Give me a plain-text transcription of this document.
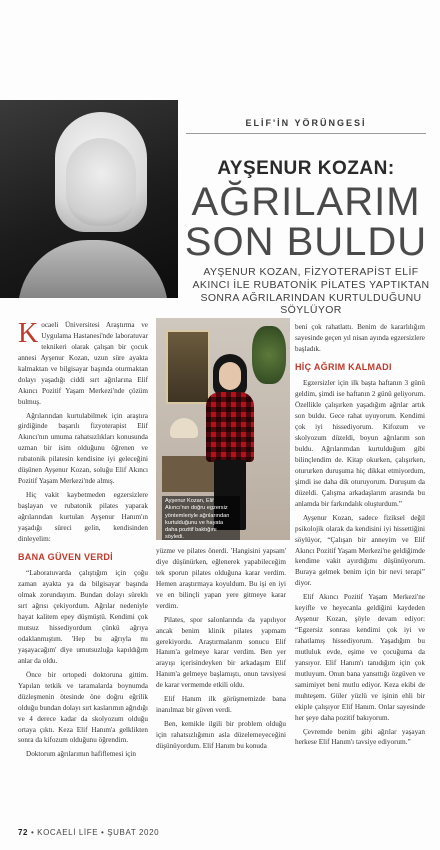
ELİF'İN YÖRÜNGESİ
AYŞENUR KOZAN:
AĞRILARIM
SON BULDU
AYŞENUR KOZAN, FİZYOTERAPİST ELİF AKINCI İLE RUBATONİK PİLATES YAPTIKTAN SONRA AĞRILARINDAN KURTULDUĞUNU SÖYLÜYOR

Kocaeli Üniversitesi Araştırma ve Uygulama Hastanesi'nde laboratuvar teknikeri olarak çalışan bir çocuk annesi Ayşenur Kozan, uzun süre ayakta kalmaktan ve bilgisayar başında oturmaktan dolayı yaşadığı ciddi sırt ağrılarına Elif Akıncı Pozitif Yaşam Merkezi'nde çözüm bulmuş.

Ağrılarından kurtulabilmek için araştıra girdiğinde başarılı fizyoterapist Elif Akıncı'nın umuma rahatsızlıkları konusunda uzman bir isim olduğunu öğrenen ve rubatonik pilatesin kendisine iyi geleceğini düşünen Ayşenur Kozan, soluğu Elif Akıncı Pozitif Yaşam Merkezi'nde almış.

Hiç vakit kaybetmeden egzersizlere başlayan ve rubatonik pilates yaparak ağrılarından kurtulan Ayşenur Hanım'ın yaşadığı süreci gelin, kendisinden dinleyelim:

BANA GÜVEN VERDİ

“Laboratuvarda çalıştığım için çoğu zaman ayakta ya da bilgisayar başında olmak zorundayım. Bundan dolayı süreklı sırt ağrısı çekiyordum. Ağrılar nedeniyle hayat kalitem epey düşmüştü. Kendimi çok mutsuz hissediyordum çünkü ağrıya odaklanmıştım. 'Hep bu ağrıyla mı yaşayacağım' diye umutsuzluğa kapıldığım anlar da oldu.

Önce bir ortopedi doktoruna gittim. Yapılan tetkik ve taramalarda boynumda düzleşmenin ötesinde öne doğru eğrilik olduğu bundan dolayı sırt kaslarımın ağrıdığı ve 4 derece kadar da skolyozum olduğu ortaya çıktı. Keza Elif Hanım'a gelklikten sonra da kifozum olduğunu öğrendim.

Doktorum ağrılarımın hafiflemesi için

Ayşenur Kozan, Elif Akıncı'nın doğru egzersiz yöntemleriyle ağrılarından kurtulduğunu ve hayata daha pozitif baktığını söyledi.

yüzme ve pilates önerdi. 'Hangisini yapsam' diye düşünürken, eğlenerek yapabileceğim tek sporun pilates olduğuna karar verdim. Hemen araştırmaya koyuldum. Bu işi en iyi ve en bilinçli yapan yere gitmeye karar verdim.

Pilates, spor salonlarında da yapılıyor ancak benim klinik pilates yapmam gerekiyordu. Araştırmalarım sonucu Elif Hanım'a gelmeye karar verdim. Ben yer arayışı içerisindeyken bir arkadaşım Elif Hanım'a gelmeye başlamıştı, onun tavsiyesi de karar vermemde etkili oldu.

Elif Hanım ilk görüşmemizde bana inanılmaz bir güven verdi.

Ben, kemikle ilgili bir problem olduğu için rahatsızlığımın asla düzelemeyeceğini düşünüyordum. Elif Hanım bu konuda

beni çok rahatlattı. Benim de kararlılığım sayesinde geçen yıl nisan ayında egzersizlere başladık.

HİÇ AĞRIM KALMADI

Egzersizler için ilk başta haftanın 3 günü geldim, şimdi ise haftanın 2 günü geliyorum. Özellikle çalışırken yaşadığım ağrılar artık son buldu. Gece rahat uyuyorum. Kendimi çok iyi hissediyorum. Kifozum ve skolyozum düzeldi, boyun ağrılarım son buldu. Ağrılarımdan kurtulduğum gibi bilinçlendim de. Kitap okurken, çalışırken, otururken duruşuma hiç dikkat etmiyordum, şimdi ise daha dik oturuyorum. Duruşum da düzeldi. Çalışma arkadaşlarım arasında bu anlamda bir farkındalık oluşturdum.”

Ayşenur Kozan, sadece fiziksel değil psikolojik olarak da kendisini iyi hissettiğini söylüyor, “Çalışan bir anneyim ve Elif Akıncı Pozitif Yaşam Merkezi'ne geldiğimde kendime vakit ayırdığımı düşünüyorum. Buraya gelmek benim için bir nevi terapi” diyor.

Elif Akıncı Pozitif Yaşam Merkezi'ne keyifle ve heyecanla geldiğini kaydeden Ayşenur Kozan, şöyle devam ediyor: “Egzersiz sonrası kendimi çok iyi ve rahatlamış hissediyorum. Yaşadığım bu mutluluk evde, eşime ve çocuğuma da yansıyor. Elif Hanım'ı tanıdığım için çok mutluyum. Onun bana yansıttığı özgüven ve samimiyet beni mutlu ediyor. Keza ekibi de muhteşem. Güler yüzlü ve işinin ehli bir ekiple çalışıyor Elif Hanım. Onlar sayesinde her şeye daha pozitif bakıyorum.

Çevremde benim gibi ağrılar yaşayan herkese Elif Hanım'ı tavsiye ediyorum.”

72 • KOCAELİ LİFE • ŞUBAT 2020
